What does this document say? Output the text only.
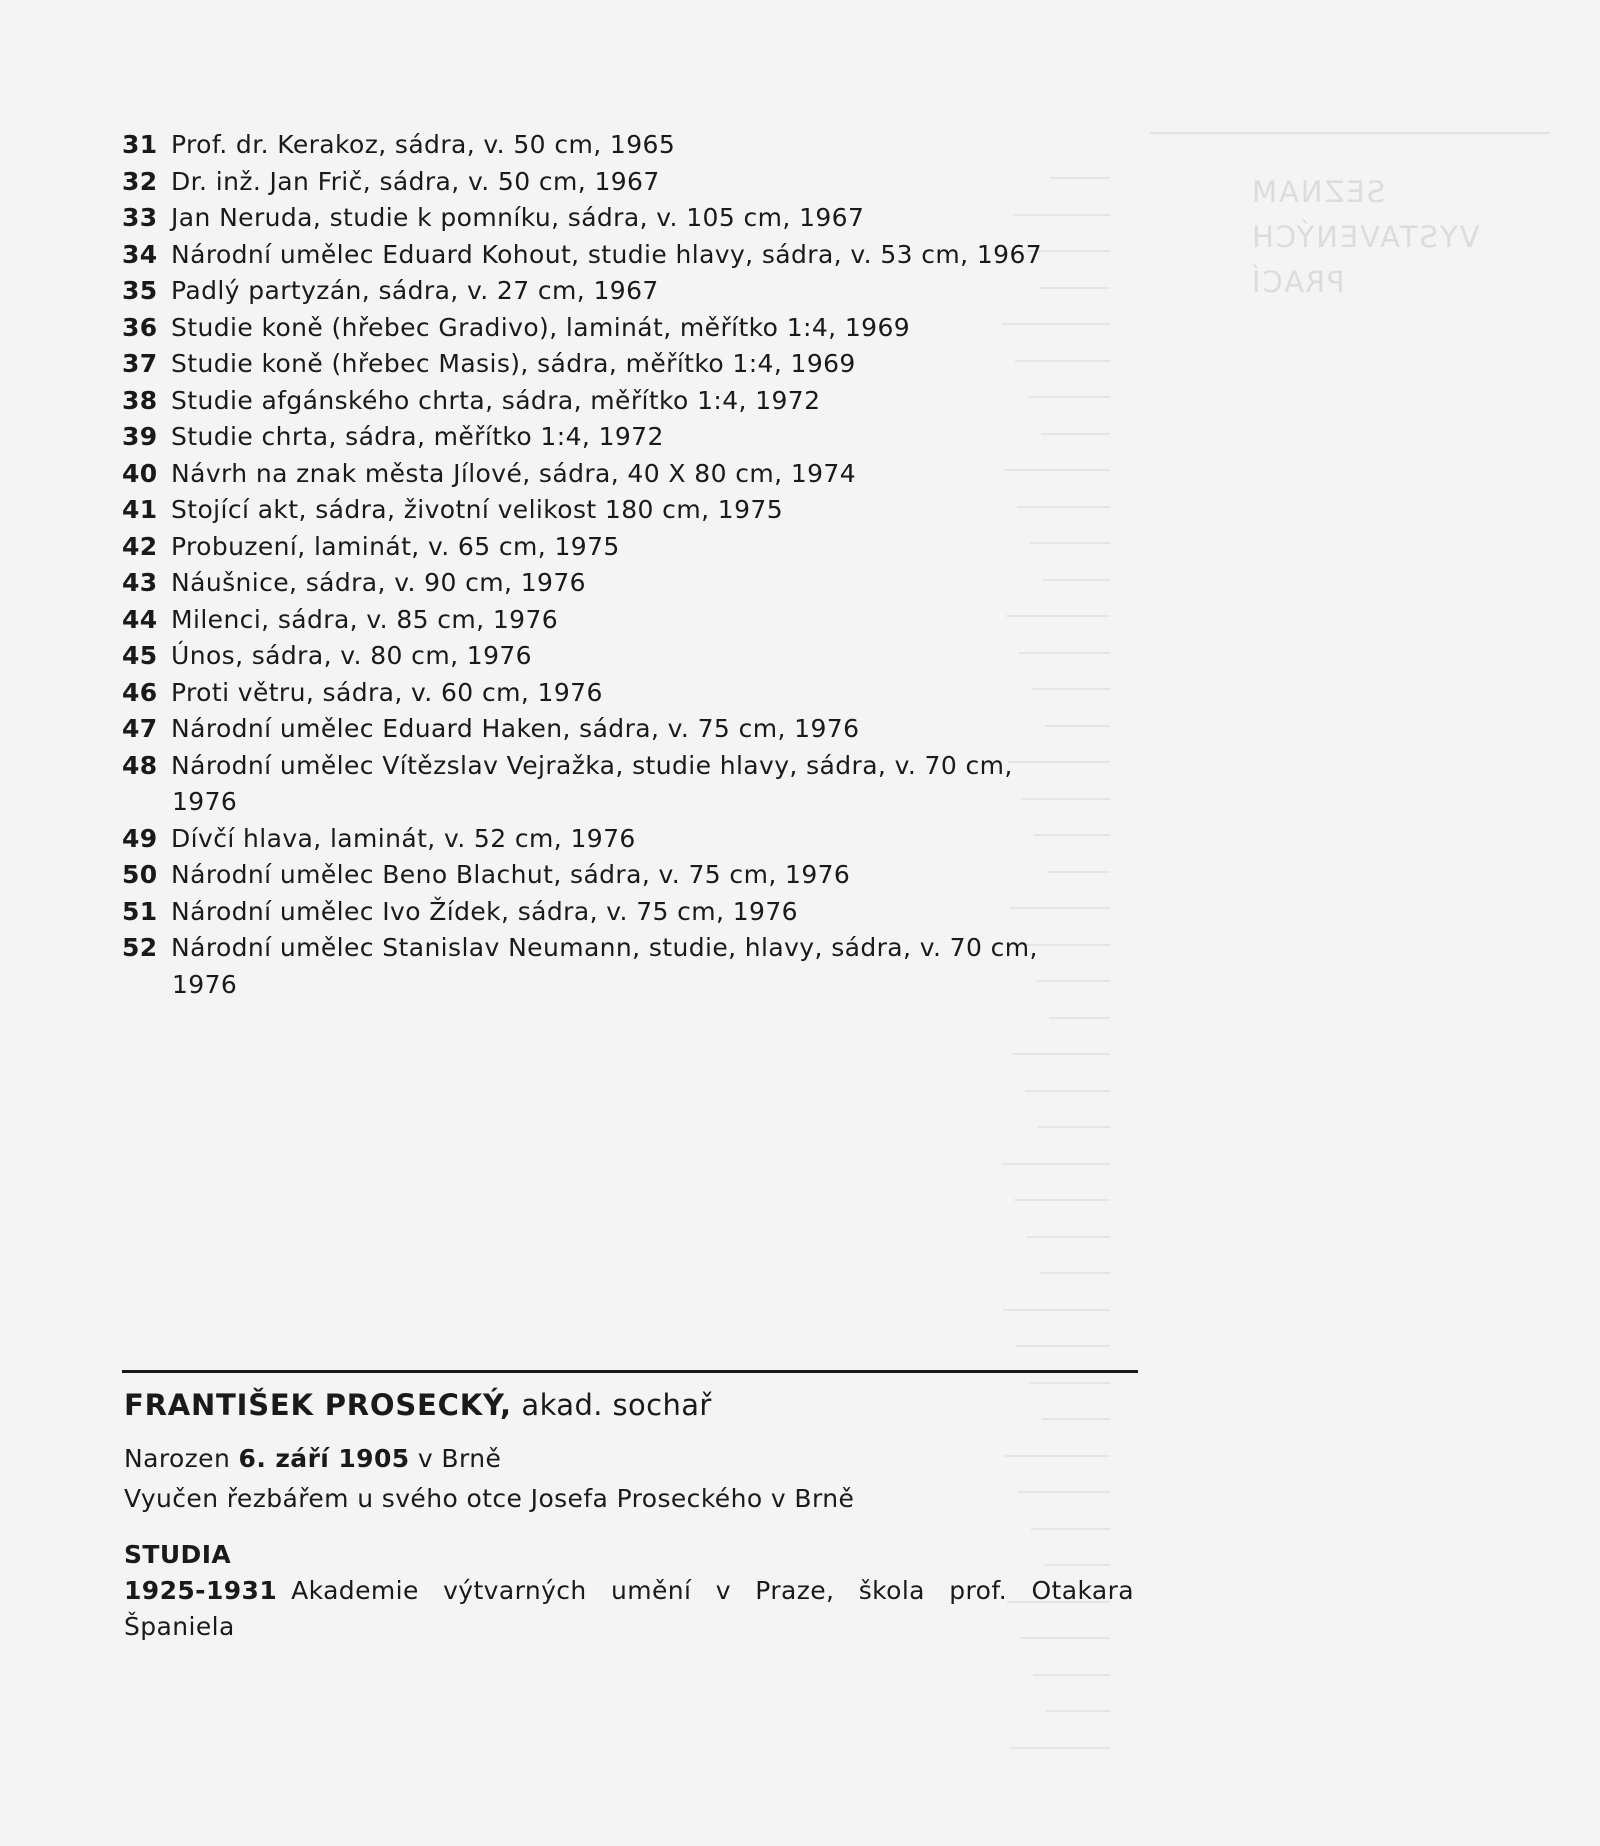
SEZNAM
VYSTAVENÝCH
PRACÍ
31 Prof. dr. Kerakoz, sádra, v. 50 cm, 1965
32 Dr. inž. Jan Frič, sádra, v. 50 cm, 1967
33 Jan Neruda, studie k pomníku, sádra, v. 105 cm, 1967
34 Národní umělec Eduard Kohout, studie hlavy, sádra, v. 53 cm, 1967
35 Padlý partyzán, sádra, v. 27 cm, 1967
36 Studie koně (hřebec Gradivo), laminát, měřítko 1:4, 1969
37 Studie koně (hřebec Masis), sádra, měřítko 1:4, 1969
38 Studie afgánského chrta, sádra, měřítko 1:4, 1972
39 Studie chrta, sádra, měřítko 1:4, 1972
40 Návrh na znak města Jílové, sádra, 40 X 80 cm, 1974
41 Stojící akt, sádra, životní velikost 180 cm, 1975
42 Probuzení, laminát, v. 65 cm, 1975
43 Náušnice, sádra, v. 90 cm, 1976
44 Milenci, sádra, v. 85 cm, 1976
45 Únos, sádra, v. 80 cm, 1976
46 Proti větru, sádra, v. 60 cm, 1976
47 Národní umělec Eduard Haken, sádra, v. 75 cm, 1976
48 Národní umělec Vítězslav Vejražka, studie hlavy, sádra, v. 70 cm,
1976
49 Dívčí hlava, laminát, v. 52 cm, 1976
50 Národní umělec Beno Blachut, sádra, v. 75 cm, 1976
51 Národní umělec Ivo Žídek, sádra, v. 75 cm, 1976
52 Národní umělec Stanislav Neumann, studie, hlavy, sádra, v. 70 cm,
1976

FRANTIŠEK PROSECKÝ, akad. sochař

Narozen 6. září 1905 v Brně

Vyučen řezbářem u svého otce Josefa Proseckého v Brně

STUDIA
1925-1931 Akademie výtvarných umění v Praze, škola prof. Otakara Španiela
